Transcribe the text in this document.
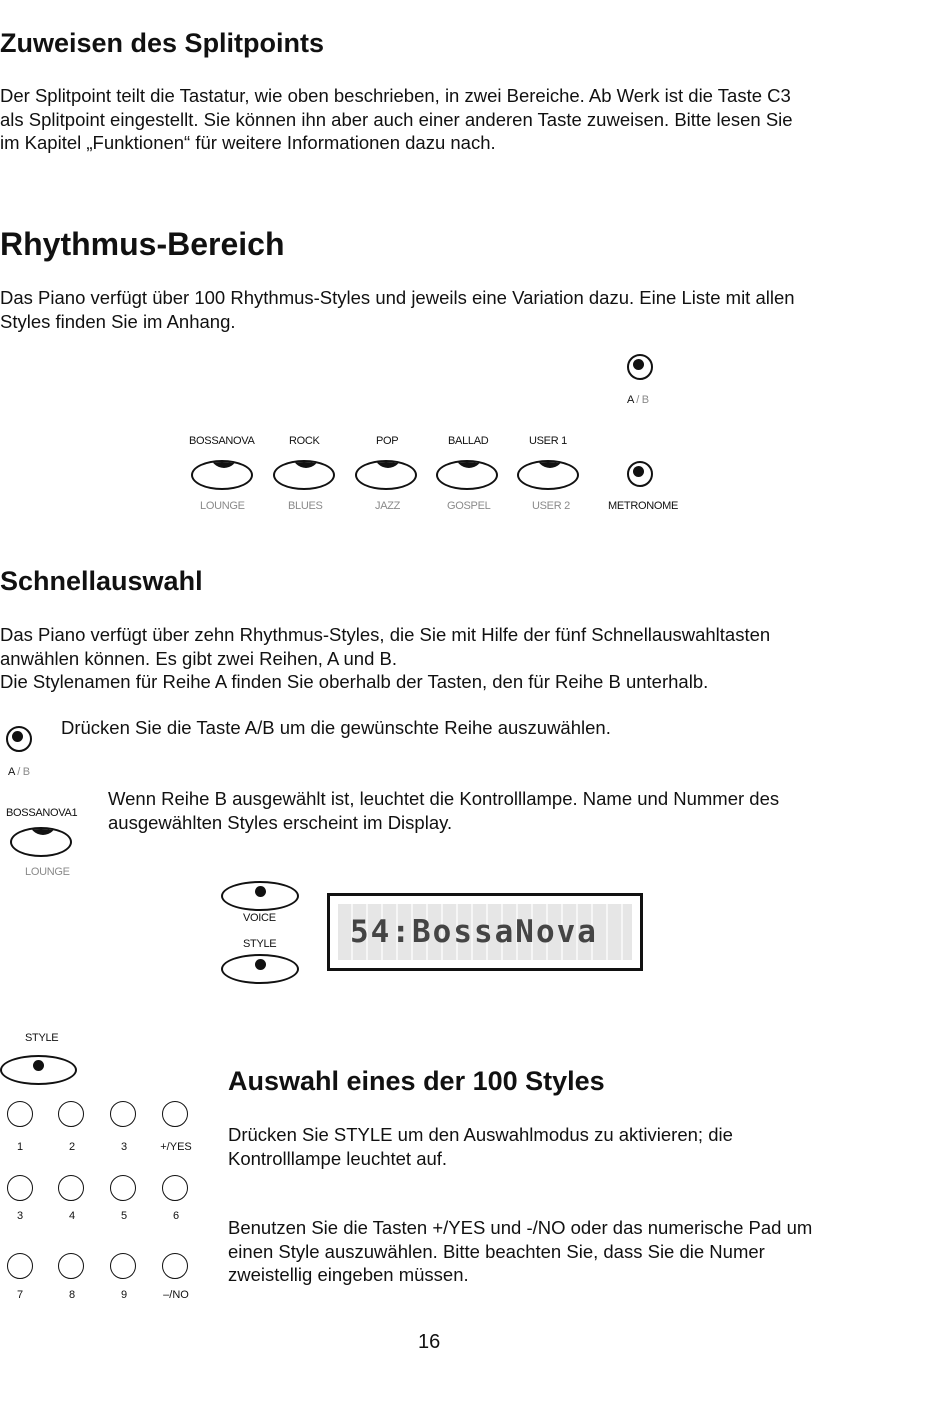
Zuweisen des Splitpoints
Der Splitpoint teilt die Tastatur, wie oben beschrieben, in zwei Bereiche. Ab Werk ist die Taste C3
als Splitpoint eingestellt. Sie können ihn aber auch einer anderen Taste zuweisen. Bitte lesen Sie
im Kapitel „Funktionen“ für weitere Informationen dazu nach.
Rhythmus-Bereich
Das Piano verfügt über 100 Rhythmus-Styles und jeweils eine Variation dazu. Eine Liste mit allen
Styles finden Sie im Anhang.
A / B
BOSSANOVA	ROCK	POP	BALLAD	USER 1
LOUNGE	BLUES	JAZZ	GOSPEL	USER 2	METRONOME
Schnellauswahl
Das Piano verfügt über zehn Rhythmus-Styles, die Sie mit Hilfe der fünf Schnellauswahltasten
anwählen können. Es gibt zwei Reihen, A und B.
Die Stylenamen für Reihe A finden Sie oberhalb der Tasten, den für Reihe B unterhalb.
Drücken Sie die Taste A/B um die gewünschte Reihe auszuwählen.
A / B
BOSSANOVA1
LOUNGE
Wenn Reihe B ausgewählt ist, leuchtet die Kontrolllampe. Name und Nummer des
ausgewählten Styles erscheint im Display.
VOICE
STYLE 54:BossaNova
STYLE
1	2	3	+/YES
3	4	5	6
7	8	9	–/NO
Auswahl eines der 100 Styles
Drücken Sie STYLE um den Auswahlmodus zu aktivieren; die
Kontrolllampe leuchtet auf.
Benutzen Sie die Tasten +/YES und -/NO oder das numerische Pad um
einen Style auszuwählen. Bitte beachten Sie, dass Sie die Numer
zweistellig eingeben müssen.
16
